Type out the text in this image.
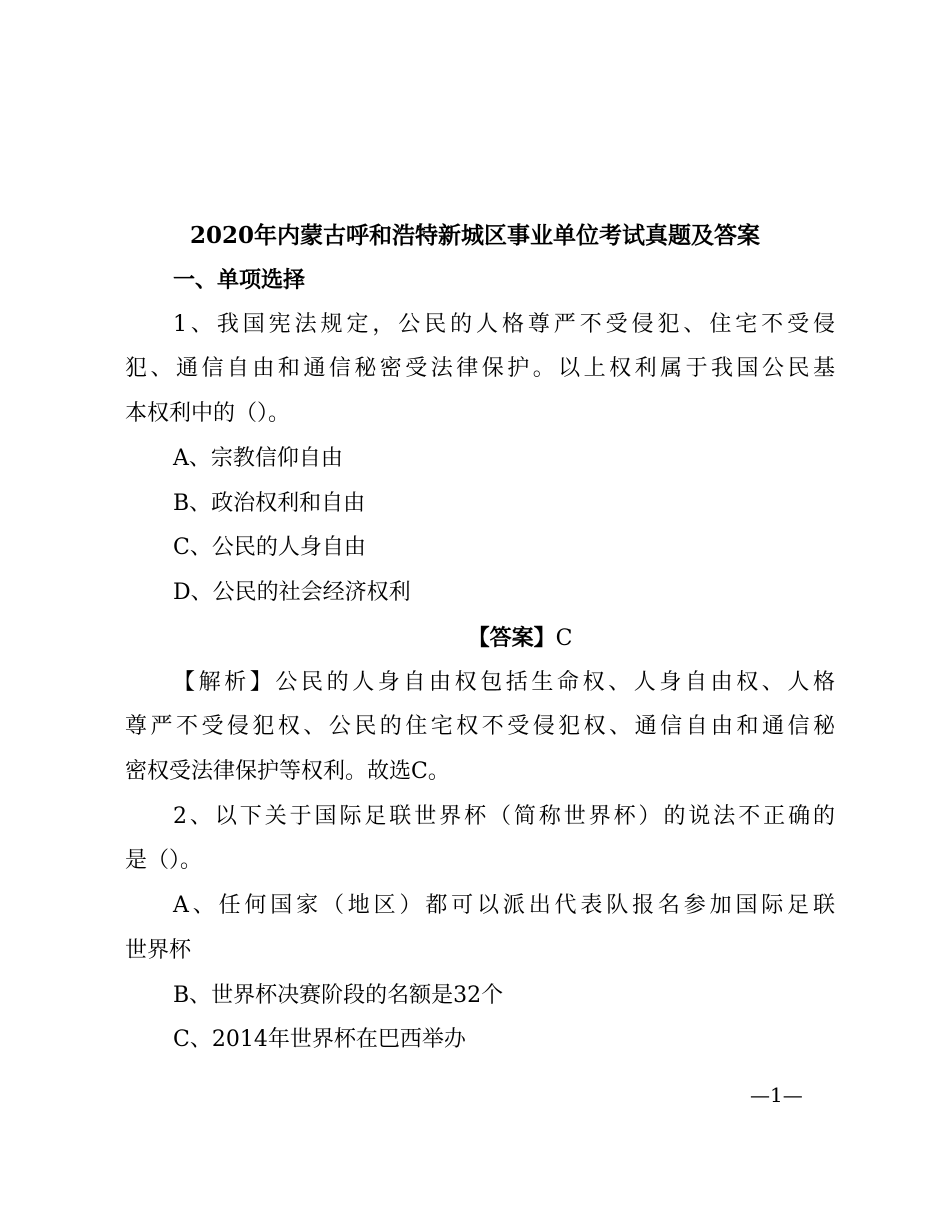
2020年内蒙古呼和浩特新城区事业单位考试真题及答案
一、单项选择
1、我国宪法规定，公民的人格尊严不受侵犯、住宅不受侵
犯、通信自由和通信秘密受法律保护。以上权利属于我国公民基
本权利中的（）。
A、宗教信仰自由
B、政治权利和自由
C、公民的人身自由
D、公民的社会经济权利
【答案】C
【解析】公民的人身自由权包括生命权、人身自由权、人格
尊严不受侵犯权、公民的住宅权不受侵犯权、通信自由和通信秘
密权受法律保护等权利。故选C。
2、以下关于国际足联世界杯（简称世界杯）的说法不正确的
是（）。
A、任何国家（地区）都可以派出代表队报名参加国际足联
世界杯
B、世界杯决赛阶段的名额是32个
C、2014年世界杯在巴西举办
—1—
